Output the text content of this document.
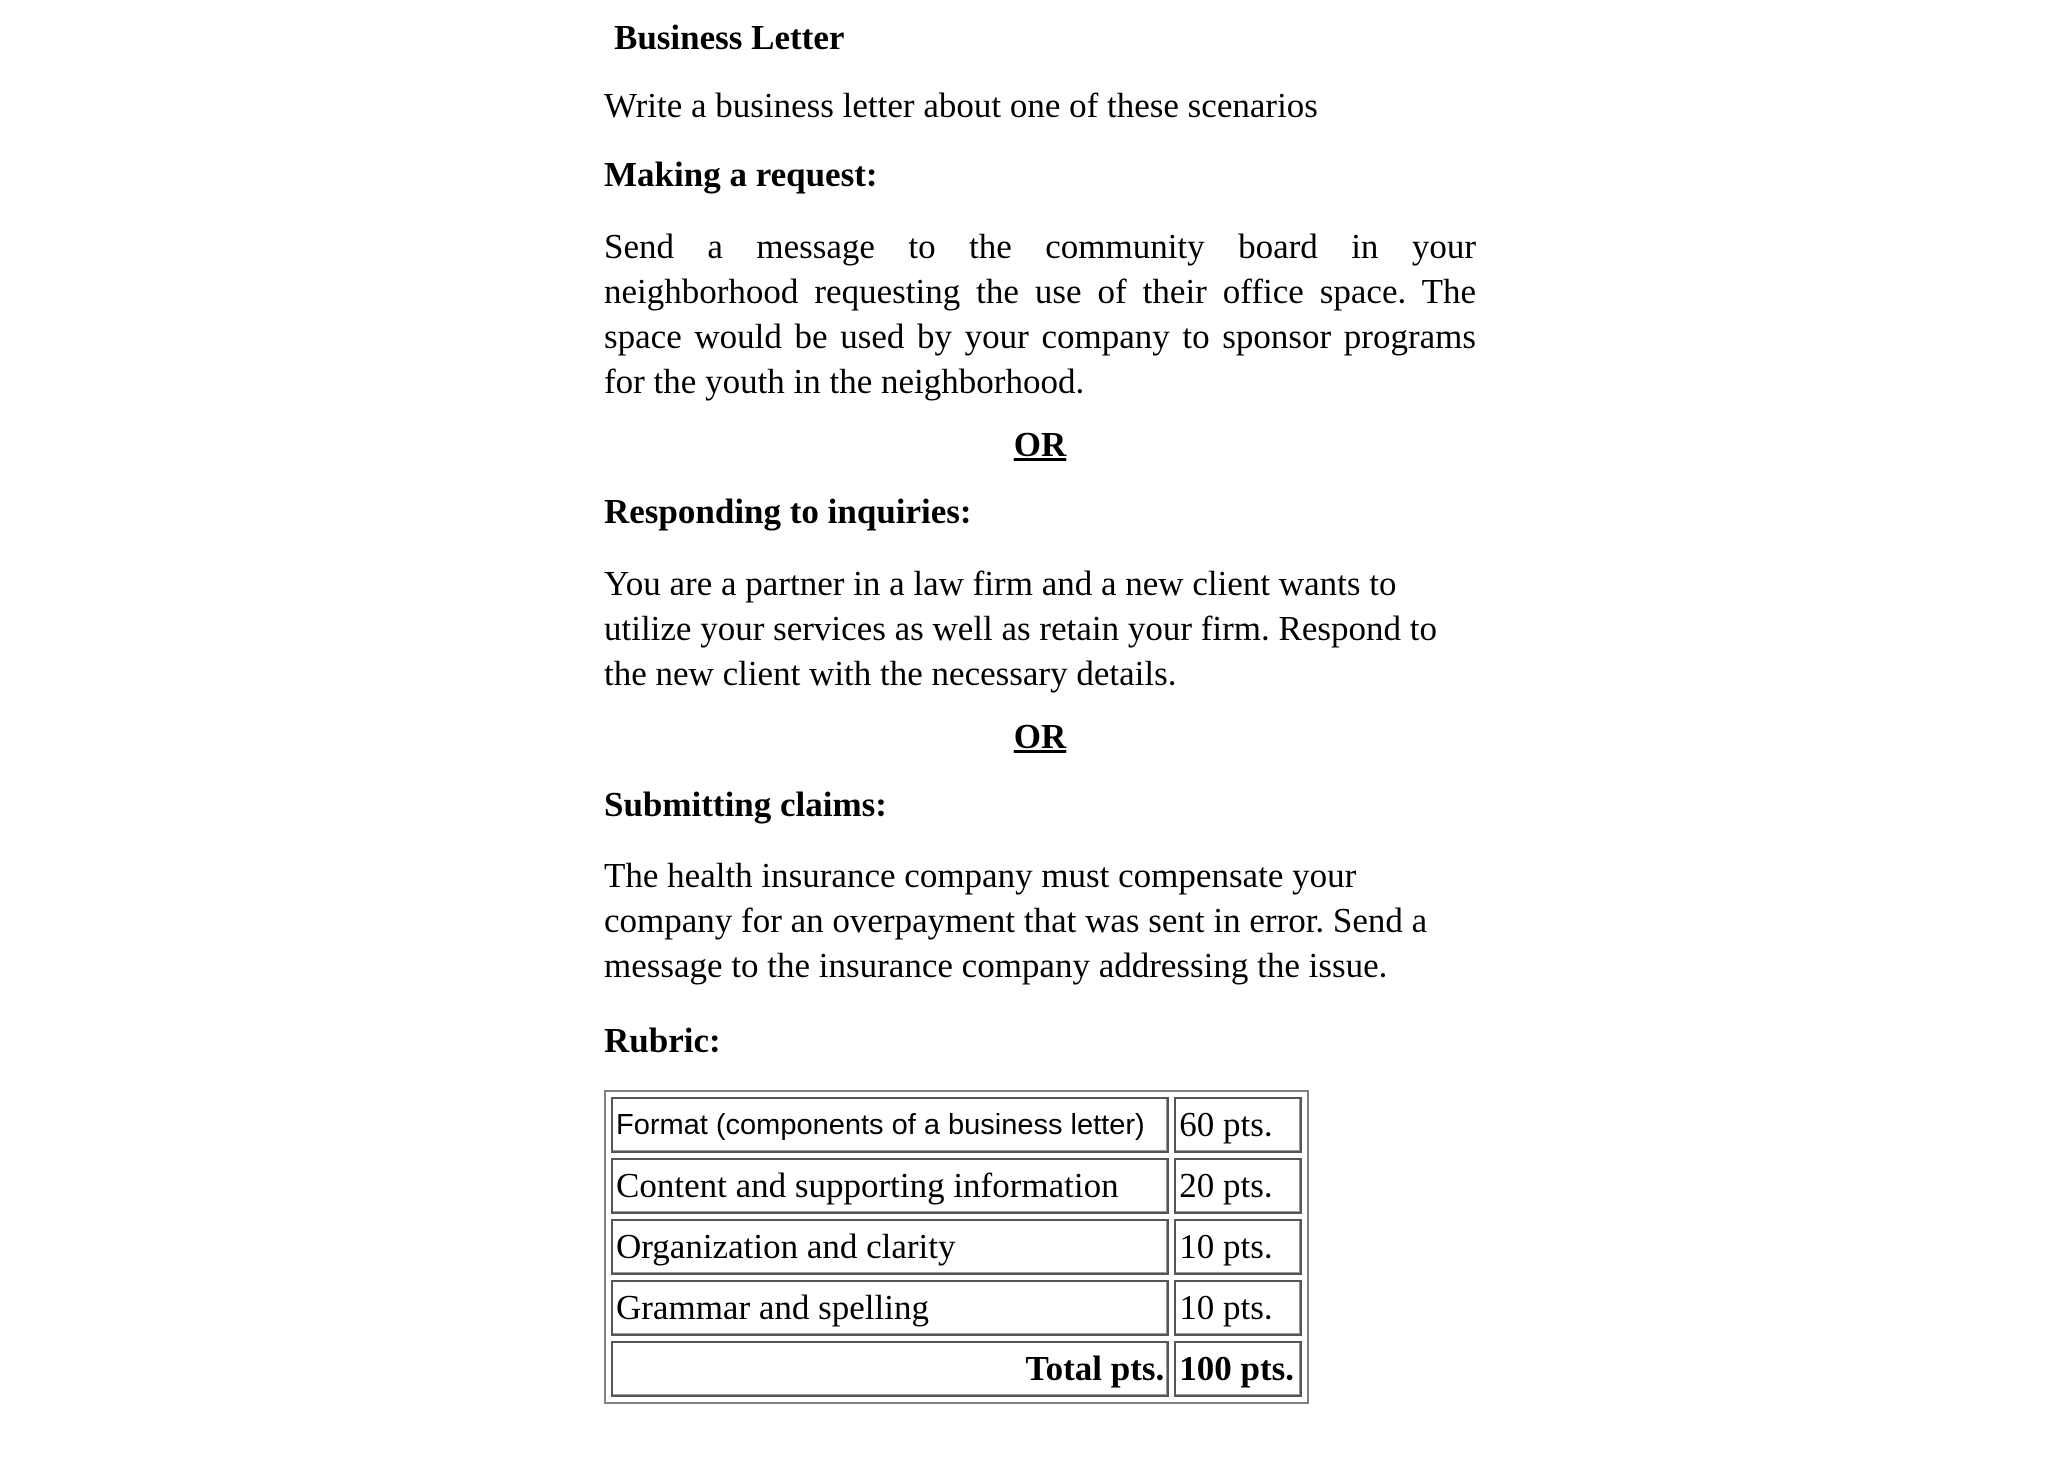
Business Letter
Write a business letter about one of these scenarios
Making a request:
Send a message to the community board in your neighborhood requesting the use of their office space. The space would be used by your company to sponsor programs for the youth in the neighborhood.
OR
Responding to inquiries:
You are a partner in a law firm and a new client wants to utilize your services as well as retain your firm. Respond to the new client with the necessary details.
OR
Submitting claims:
The health insurance company must compensate your company for an overpayment that was sent in error. Send a message to the insurance company addressing the issue.
Rubric:
Format (components of a business letter)	60 pts.
Content and supporting information	20 pts.
Organization and clarity	10 pts.
Grammar and spelling	10 pts.
Total pts.	100 pts.
